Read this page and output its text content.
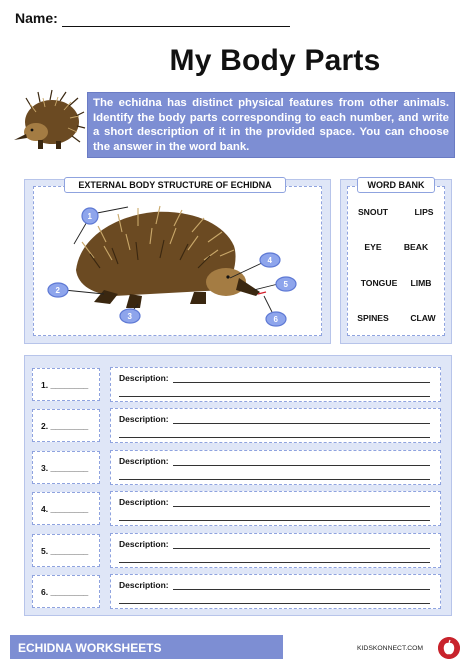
Name:
My Body Parts
The echidna has distinct physical features from other animals. Identify the body parts corresponding to each number, and write a short description of it in the provided space. You can choose the answer in the word bank.
EXTERNAL BODY STRUCTURE OF ECHIDNA
1
2
3
4
5
6
WORD BANK
SNOUT	LIPS
EYE	BEAK
TONGUE	LIMB
SPINES	CLAW
1. ________
Description:
2. ________
Description:
3. ________
Description:
4. ________
Description:
5. ________
Description:
6. ________
Description:
ECHIDNA WORKSHEETS	KIDSKONNECT.COM
